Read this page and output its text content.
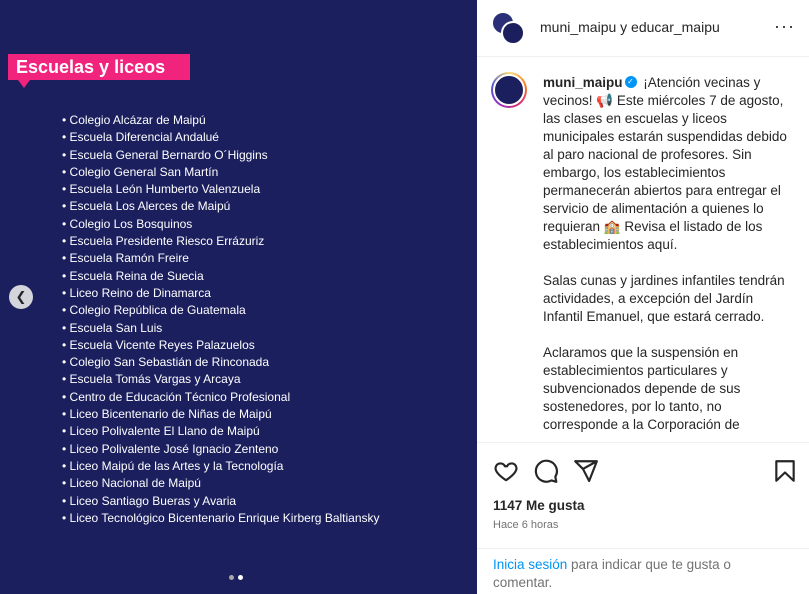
Escuelas y liceos
• Colegio Alcázar de Maipú
• Escuela Diferencial Andalué
• Escuela General Bernardo O´Higgins
• Colegio General San Martín
• Escuela León Humberto Valenzuela
• Escuela Los Alerces de Maipú
• Colegio Los Bosquinos
• Escuela Presidente Riesco Errázuriz
• Escuela Ramón Freire
• Escuela Reina de Suecia
• Liceo Reino de Dinamarca
• Colegio República de Guatemala
• Escuela San Luis
• Escuela Vicente Reyes Palazuelos
• Colegio San Sebastián de Rinconada
• Escuela Tomás Vargas y Arcaya
• Centro de Educación Técnico Profesional
• Liceo Bicentenario de Niñas de Maipú
• Liceo Polivalente El Llano de Maipú
• Liceo Polivalente José Ignacio Zenteno
• Liceo Maipú de las Artes y la Tecnología
• Liceo Nacional de Maipú
• Liceo Santiago Bueras y Avaria
• Liceo Tecnológico Bicentenario Enrique Kirberg Baltiansky
❮
muni_maipu y educar_maipu	···

muni_maipu ✓ ¡Atención vecinas y vecinos! 📢 Este miércoles 7 de agosto, las clases en escuelas y liceos municipales estarán suspendidas debido al paro nacional de profesores. Sin embargo, los establecimientos permanecerán abiertos para entregar el servicio de alimentación a quienes lo requieran 🏫 Revisa el listado de los establecimientos aquí.

Salas cunas y jardines infantiles tendrán actividades, a excepción del Jardín Infantil Emanuel, que estará cerrado.

Aclaramos que la suspensión en establecimientos particulares y subvencionados depende de sus sostenedores, por lo tanto, no corresponde a la Corporación de

1147 Me gusta
Hace 6 horas
Inicia sesión para indicar que te gusta o comentar.
